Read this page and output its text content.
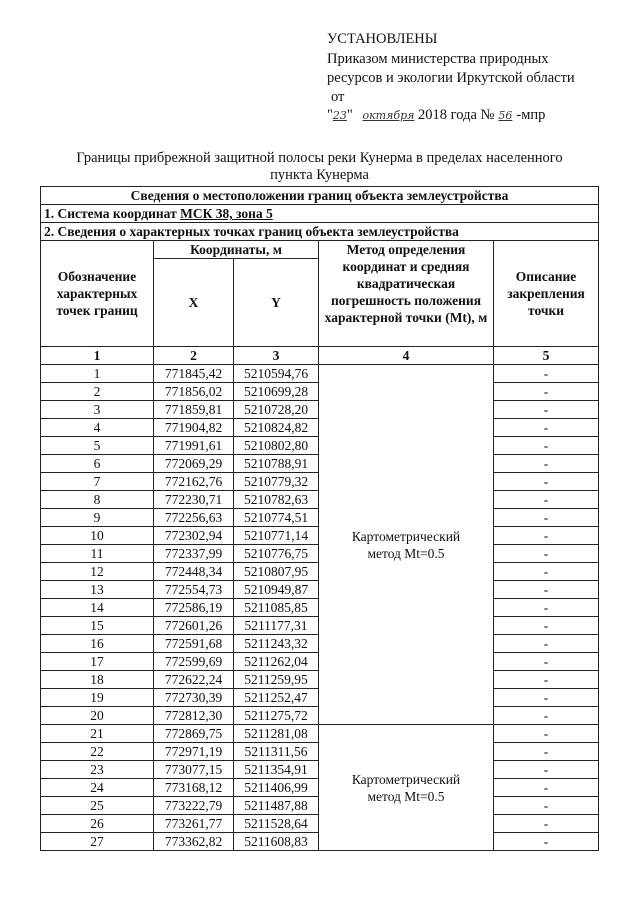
УСТАНОВЛЕНЫ
Приказом министерства природных
ресурсов и экологии Иркутской области
от
"23" октября 2018 года № 56 -мпр
Границы прибрежной защитной полосы реки Кунерма в пределах населенного
пункта Кунерма
Сведения о местоположении границ объекта землеустройства				
1. Система координат МСК 38, зона 5				
2. Сведения о характерных точках границ объекта землеустройства				
Обозначение характерных точек границ	Координаты, м		Метод определения координат и средняя квадратическая погрешность положения характерной точки (Mt), м	Описание закрепления точки
	X	Y		
1	2	3	4	5
1	771845,42	5210594,76	Картометрический метод Mt=0.5	-
2	771856,02	5210699,28		-
3	771859,81	5210728,20		-
4	771904,82	5210824,82		-
5	771991,61	5210802,80		-
6	772069,29	5210788,91		-
7	772162,76	5210779,32		-
8	772230,71	5210782,63		-
9	772256,63	5210774,51		-
10	772302,94	5210771,14		-
11	772337,99	5210776,75		-
12	772448,34	5210807,95		-
13	772554,73	5210949,87		-
14	772586,19	5211085,85		-
15	772601,26	5211177,31		-
16	772591,68	5211243,32		-
17	772599,69	5211262,04		-
18	772622,24	5211259,95		-
19	772730,39	5211252,47		-
20	772812,30	5211275,72		-
21	772869,75	5211281,08	Картометрический метод Mt=0.5	-
22	772971,19	5211311,56		-
23	773077,15	5211354,91		-
24	773168,12	5211406,99		-
25	773222,79	5211487,88		-
26	773261,77	5211528,64		-
27	773362,82	5211608,83		-
